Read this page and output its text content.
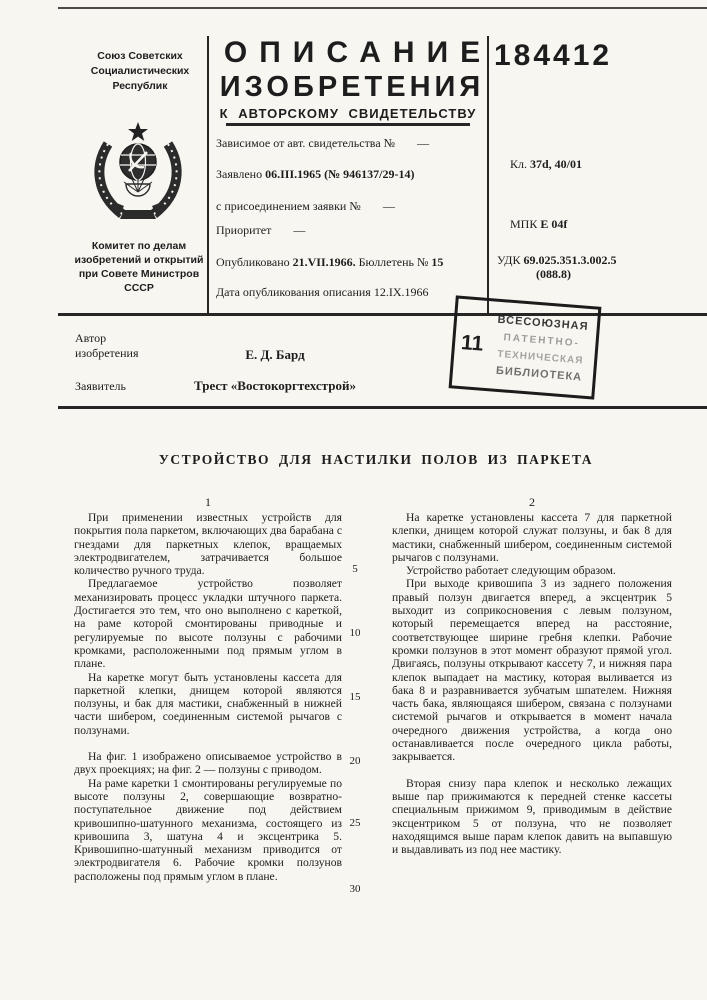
Союз Советских
Социалистических
Республик
Комитет по делам
изобретений и открытий
при Совете Министров
СССР
ОПИСАНИЕ
ИЗОБРЕТЕНИЯ
К АВТОРСКОМУ СВИДЕТЕЛЬСТВУ
Зависимое от авт. свидетельства № —
Заявлено 06.III.1965 (№ 946137/29-14)
с присоединением заявки № —
Приоритет —
Опубликовано 21.VII.1966. Бюллетень № 15
Дата опубликования описания 12.IX.1966
184412
Кл. 37d, 40/01
МПК E 04f
УДК 69.025.351.3.002.5
(088.8)
Автор
изобретения	Е. Д. Бард
Заявитель	Трест «Востокоргтехстрой»
11
ВСЕСОЮЗНАЯ
ПАТЕНТНО-
ТЕХНИЧЕСКАЯ
БИБЛИОТЕКА
УСТРОЙСТВО ДЛЯ НАСТИЛКИ ПОЛОВ ИЗ ПАРКЕТА
1	2

При применении известных устройств для покрытия пола паркетом, включающих два барабана с гнездами для паркетных клепок, вращаемых электродвигателем, затрачивается большое количество ручного труда.

Предлагаемое устройство позволяет механизировать процесс укладки штучного паркета. Достигается это тем, что оно выполнено с кареткой, на раме которой смонтированы приводные и регулируемые по высоте ползуны с рабочими кромками, расположенными под прямым углом в плане.

На каретке могут быть установлены кассета для паркетной клепки, днищем которой являются ползуны, и бак для мастики, снабженный в нижней части шибером, соединенным системой рычагов с ползунами.

На фиг. 1 изображено описываемое устройство в двух проекциях; на фиг. 2 — ползуны с приводом.

На раме каретки 1 смонтированы регулируемые по высоте ползуны 2, совершающие возвратно-поступательное движение под действием кривошипно-шатунного механизма, состоящего из кривошипа 3, шатуна 4 и эксцентрика 5. Кривошипно-шатунный механизм приводится от электродвигателя 6. Рабочие кромки ползунов расположены под прямым углом в плане.

На каретке установлены кассета 7 для паркетной клепки, днищем которой служат ползуны, и бак 8 для мастики, снабженный шибером, соединенным системой рычагов с ползунами.

Устройство работает следующим образом.

При выходе кривошипа 3 из заднего положения правый ползун двигается вперед, а эксцентрик 5 выходит из соприкосновения с левым ползуном, который перемещается вперед на расстояние, соответствующее ширине гребня клепки. Рабочие кромки ползунов в этот момент образуют прямой угол. Двигаясь, ползуны открывают кассету 7, и нижняя пара клепок выпадает на мастику, которая выливается из бака 8 и разравнивается зубчатым шпателем. Нижняя часть бака, являющаяся шибером, связана с ползунами системой рычагов и открывается в момент начала очередного движения устройства, а когда оно останавливается после очередного цикла работы, закрывается.

Вторая снизу пара клепок и несколько лежащих выше пар прижимаются к передней стенке кассеты специальным прижимом 9, приводимым в действие эксцентриком 5 от ползуна, что не позволяет находящимся выше парам клепок давить на выпавшую и выдавливать из под нее мастику.

5
10
15
20
25
30
